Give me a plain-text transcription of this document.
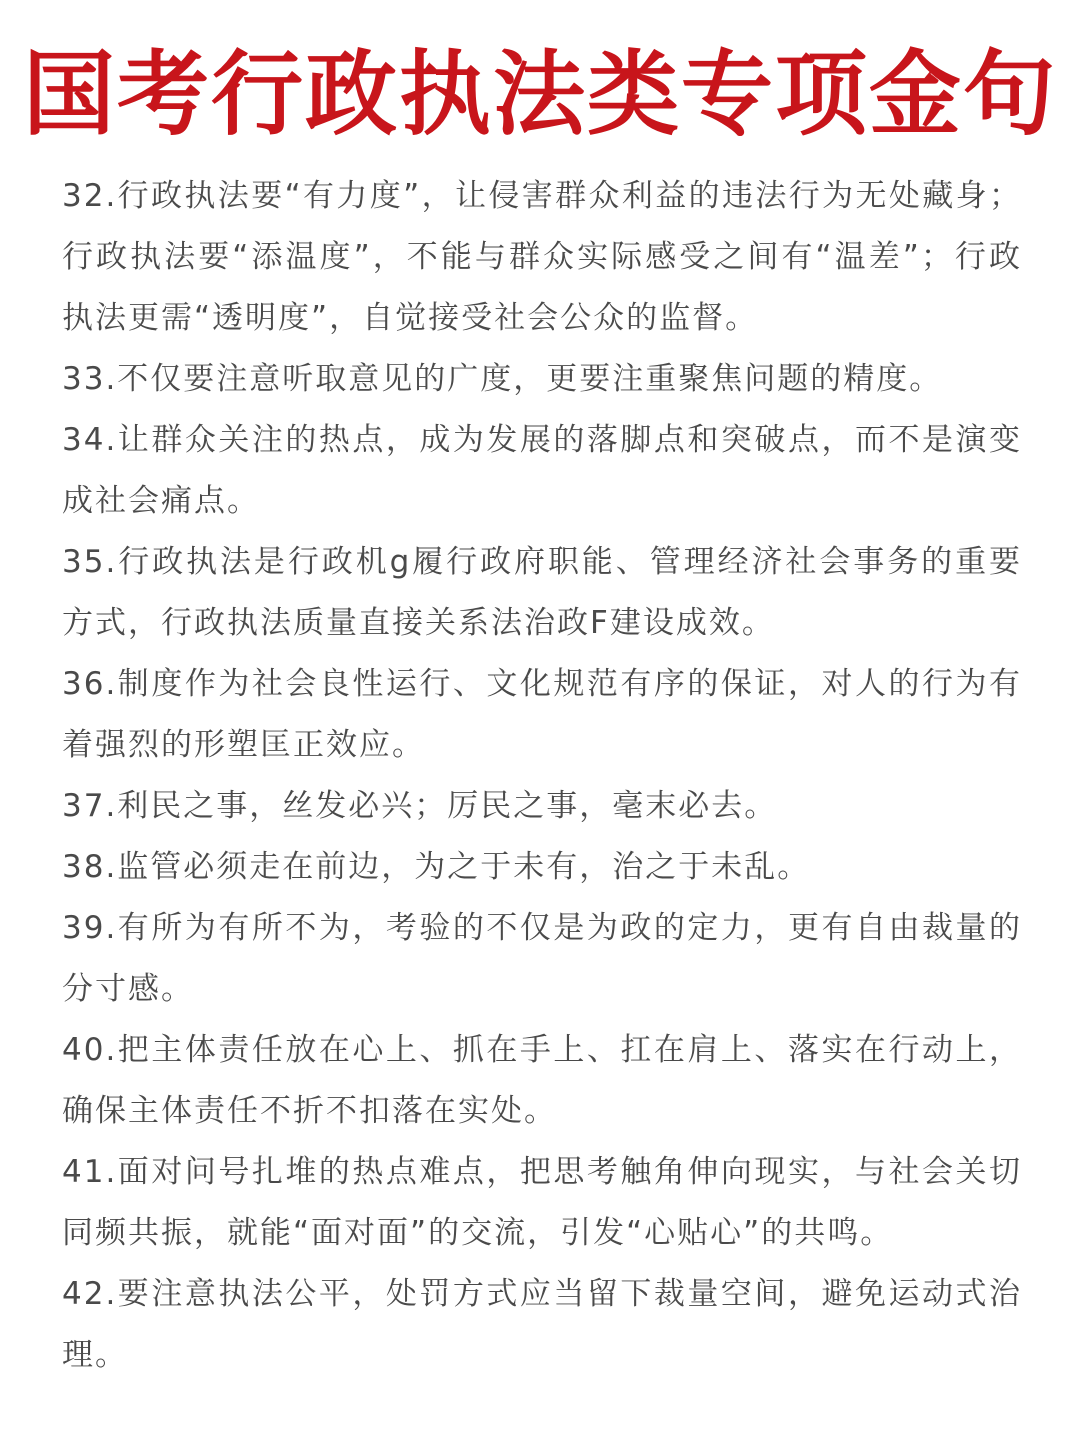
国考行政执法类专项金句

32.行政执法要“有力度”，让侵害群众利益的违法行为无处藏身；行政执法要“添温度”，不能与群众实际感受之间有“温差”；行政执法更需“透明度”，自觉接受社会公众的监督。

33.不仅要注意听取意见的广度，更要注重聚焦问题的精度。

34.让群众关注的热点，成为发展的落脚点和突破点，而不是演变成社会痛点。

35.行政执法是行政机g履行政府职能、管理经济社会事务的重要方式，行政执法质量直接关系法治政F建设成效。

36.制度作为社会良性运行、文化规范有序的保证，对人的行为有着强烈的形塑匡正效应。

37.利民之事，丝发必兴；厉民之事，毫末必去。

38.监管必须走在前边，为之于未有，治之于未乱。

39.有所为有所不为，考验的不仅是为政的定力，更有自由裁量的分寸感。

40.把主体责任放在心上、抓在手上、扛在肩上、落实在行动上，确保主体责任不折不扣落在实处。

41.面对问号扎堆的热点难点，把思考触角伸向现实，与社会关切同频共振，就能“面对面”的交流，引发“心贴心”的共鸣。

42.要注意执法公平，处罚方式应当留下裁量空间，避免运动式治理。
